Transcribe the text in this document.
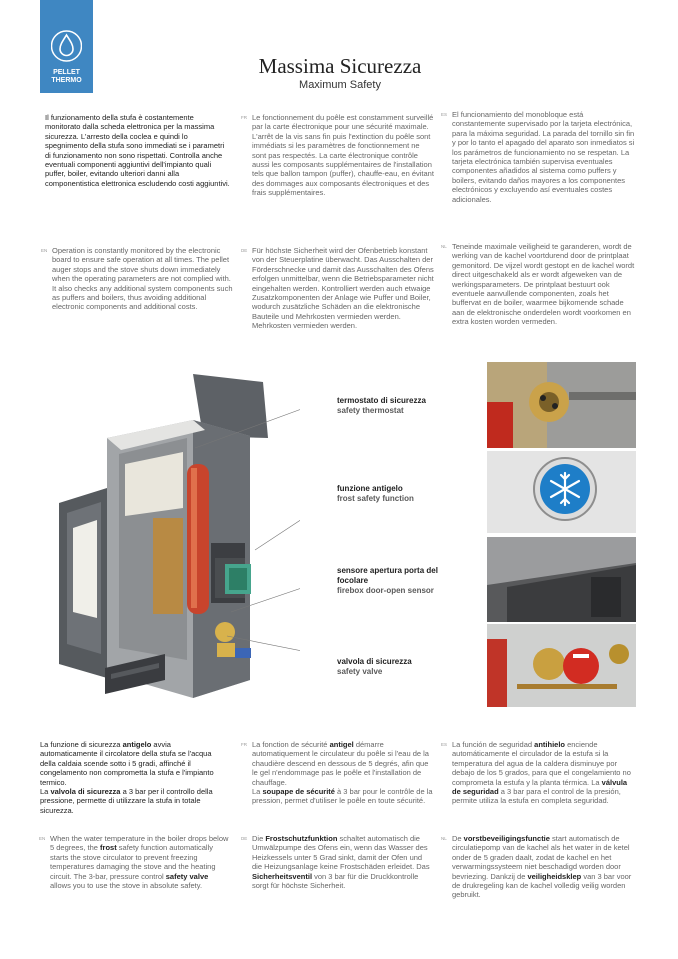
PELLET
THERMO
Massima Sicurezza
Maximum Safety
Il funzionamento della stufa è costantemente monitorato dalla scheda elettronica per la massima sicurezza. L'arresto della coclea e quindi lo spegnimento della stufa sono immediati se i parametri di funzionamento non sono rispettati. Controlla anche eventuali componenti aggiuntivi dell'impianto quali puffer, boiler, evitando ulteriori danni alla componentistica elettronica escludendo costi aggiuntivi.
FR Le fonctionnement du poêle est constamment surveillé par la carte électronique pour une sécurité maximale. L'arrêt de la vis sans fin puis l'extinction du poêle sont immédiats si les paramètres de fonctionnement ne sont pas respectés. La carte électronique contrôle aussi les composants supplémentaires de l'installation tels que ballon tampon (puffer), chauffe-eau, en évitant des dommages aux composants électroniques et des frais supplémentaires.
ES El funcionamiento del monobloque está constantemente supervisado por la tarjeta electrónica, para la máxima seguridad. La parada del tornillo sin fin y por lo tanto el apagado del aparato son inmediatos si los parámetros de funcionamiento no se respetan. La tarjeta electrónica también supervisa eventuales componentes añadidos al sistema como puffers y boilers, evitando daños mayores a los componentes electrónicos y excluyendo así eventuales costes adicionales.
EN Operation is constantly monitored by the electronic board to ensure safe operation at all times. The pellet auger stops and the stove shuts down immediately when the operating parameters are not complied with. It also checks any additional system components such as puffers and boilers, thus avoiding additional electronic components and additional costs.
DE Für höchste Sicherheit wird der Ofenbetrieb konstant von der Steuerplatine überwacht. Das Ausschalten der Förderschnecke und damit das Ausschalten des Ofens erfolgen unmittelbar, wenn die Betriebsparameter nicht eingehalten werden. Kontrolliert werden auch etwaige Zusatzkomponenten der Anlage wie Puffer und Boiler, wodurch zusätzliche Schäden an die elektronische Bauteile und Mehrkosten vermieden werden. Mehrkosten vermieden werden.
NL Teneinde maximale veiligheid te garanderen, wordt de werking van de kachel voortdurend door de printplaat gemonitord. De vijzel wordt gestopt en de kachel wordt direct uitgeschakeld als er wordt afgeweken van de werkingsparameters. De printplaat bestuurt ook eventuele aanvullende componenten, zoals het buffervat en de boiler, waarmee bijkomende schade aan de elektronische onderdelen wordt voorkomen en extra kosten worden vermeden.
termostato di sicurezza
safety thermostat
funzione antigelo
frost safety function
sensore apertura porta del focolare
firebox door-open sensor
valvola di sicurezza
safety valve
La funzione di sicurezza antigelo avvia automaticamente il circolatore della stufa se l'acqua della caldaia scende sotto i 5 gradi, affinché il congelamento non comprometta la stufa e l'impianto termico.
La valvola di sicurezza a 3 bar per il controllo della pressione, permette di utilizzare la stufa in totale sicurezza.
FR La fonction de sécurité antigel démarre automatiquement le circulateur du poêle si l'eau de la chaudière descend en dessous de 5 degrés, afin que le gel n'endommage pas le poêle et l'installation de chauffage.
La soupape de sécurité à 3 bar pour le contrôle de la pression, permet d'utiliser le poêle en toute sécurité.
ES La función de seguridad antihielo enciende automáticamente el circulador de la estufa si la temperatura del agua de la caldera disminuye por debajo de los 5 grados, para que el congelamiento no comprometa la estufa y la planta térmica. La válvula de seguridad a 3 bar para el control de la presión, permite utiliza la estufa en completa seguridad.
EN When the water temperature in the boiler drops below 5 degrees, the frost safety function automatically starts the stove circulator to prevent freezing temperatures damaging the stove and the heating circuit. The 3-bar, pressure control safety valve allows you to use the stove in absolute safety.
DE Die Frostschutzfunktion schaltet automatisch die Umwälzpumpe des Ofens ein, wenn das Wasser des Heizkessels unter 5 Grad sinkt, damit der Ofen und die Heizungsanlage keine Frostschäden erleidet. Das Sicherheitsventil von 3 bar für die Druckkontrolle sorgt für höchste Sicherheit.
NL De vorstbeveiligingsfunctie start automatisch de circulatiepomp van de kachel als het water in de ketel onder de 5 graden daalt, zodat de kachel en het verwarmingssysteem niet beschadigd worden door bevriezing. Dankzij de veiligheidsklep van 3 bar voor de drukregeling kan de kachel volledig veilig worden gebruikt.
